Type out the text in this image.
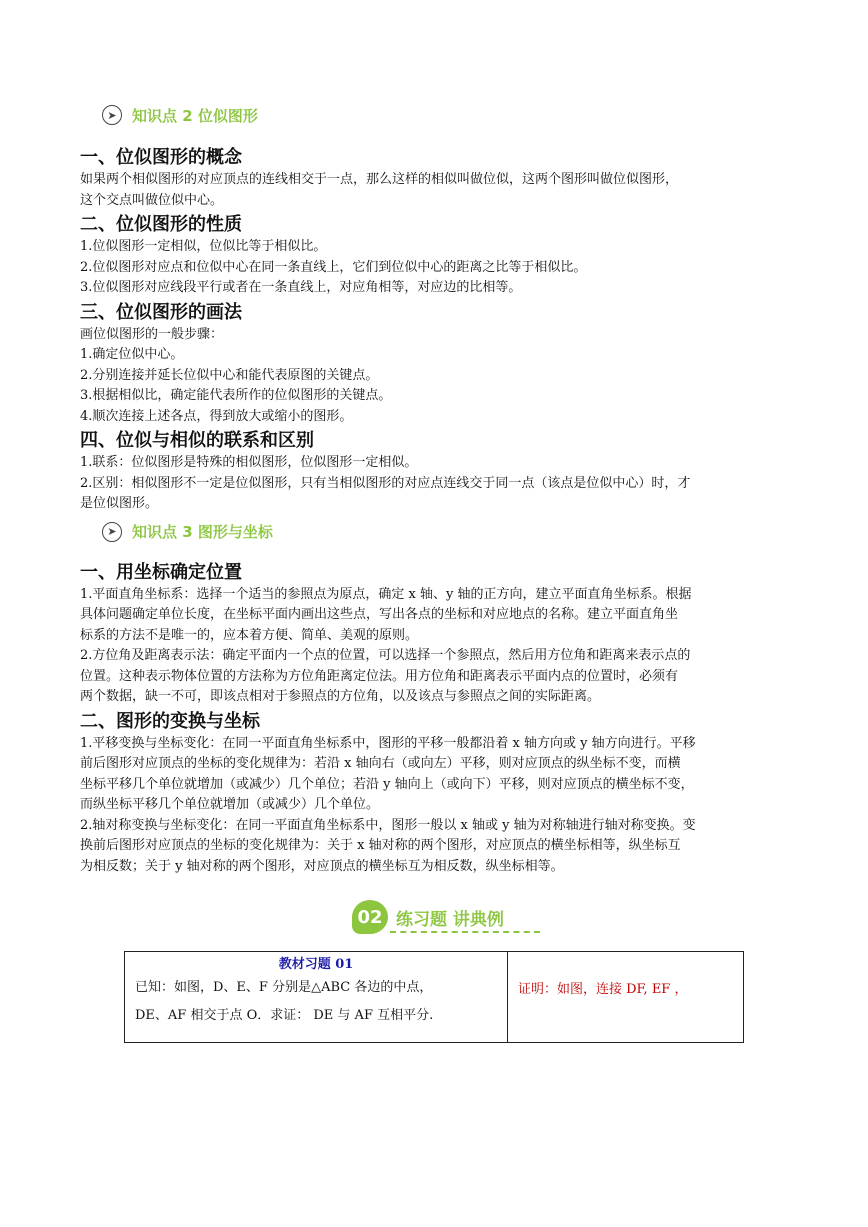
➤	知识点 2 位似图形
一、位似图形的概念

如果两个相似图形的对应顶点的连线相交于一点，那么这样的相似叫做位似，这两个图形叫做位似图形，

这个交点叫做位似中心。

二、位似图形的性质

1.位似图形一定相似，位似比等于相似比。

2.位似图形对应点和位似中心在同一条直线上，它们到位似中心的距离之比等于相似比。

3.位似图形对应线段平行或者在一条直线上，对应角相等，对应边的比相等。

三、位似图形的画法

画位似图形的一般步骤：

1.确定位似中心。

2.分别连接并延长位似中心和能代表原图的关键点。

3.根据相似比，确定能代表所作的位似图形的关键点。

4.顺次连接上述各点，得到放大或缩小的图形。

四、位似与相似的联系和区别

1.联系：位似图形是特殊的相似图形，位似图形一定相似。

2.区别：相似图形不一定是位似图形，只有当相似图形的对应点连线交于同一点（该点是位似中心）时，才

是位似图形。

➤	知识点 3 图形与坐标
一、用坐标确定位置

1.平面直角坐标系：选择一个适当的参照点为原点，确定 x 轴、y 轴的正方向，建立平面直角坐标系。根据

具体问题确定单位长度，在坐标平面内画出这些点，写出各点的坐标和对应地点的名称。建立平面直角坐

标系的方法不是唯一的，应本着方便、简单、美观的原则。

2.方位角及距离表示法：确定平面内一个点的位置，可以选择一个参照点，然后用方位角和距离来表示点的

位置。这种表示物体位置的方法称为方位角距离定位法。用方位角和距离表示平面内点的位置时，必须有

两个数据，缺一不可，即该点相对于参照点的方位角，以及该点与参照点之间的实际距离。

二、图形的变换与坐标

1.平移变换与坐标变化：在同一平面直角坐标系中，图形的平移一般都沿着 x 轴方向或 y 轴方向进行。平移

前后图形对应顶点的坐标的变化规律为：若沿 x 轴向右（或向左）平移，则对应顶点的纵坐标不变，而横

坐标平移几个单位就增加（或减少）几个单位；若沿 y 轴向上（或向下）平移，则对应顶点的横坐标不变，

而纵坐标平移几个单位就增加（或减少）几个单位。

2.轴对称变换与坐标变化：在同一平面直角坐标系中，图形一般以 x 轴或 y 轴为对称轴进行轴对称变换。变

换前后图形对应顶点的坐标的变化规律为：关于 x 轴对称的两个图形，对应顶点的横坐标相等，纵坐标互

为相反数；关于 y 轴对称的两个图形，对应顶点的横坐标互为相反数，纵坐标相等。

02 练习题 讲典例
教材习题 01
已知：如图，D、E、F 分别是△ABC 各边的中点，
DE、AF 相交于点 O．求证： DE 与 AF 互相平分.

证明：如图，连接 DF, EF ，
